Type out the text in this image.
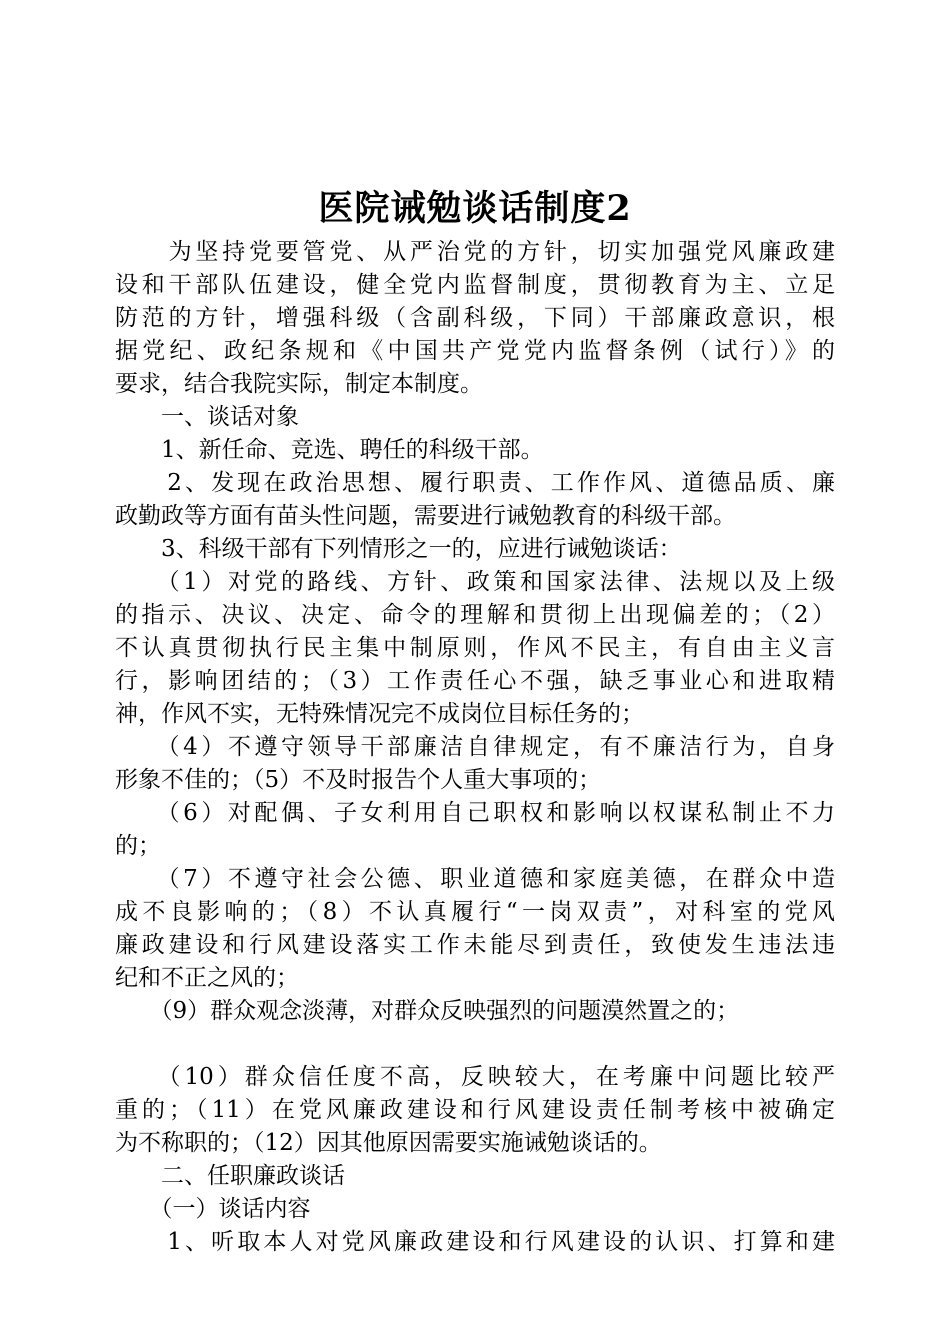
医院诫勉谈话制度2
　　为坚持党要管党、从严治党的方针，切实加强党风廉政建
设和干部队伍建设，健全党内监督制度，贯彻教育为主、立足
防范的方针，增强科级（含副科级，下同）干部廉政意识，根
据党纪、政纪条规和《中国共产党党内监督条例（试行）》的
要求，结合我院实际，制定本制度。
　　一、谈话对象
　　1、新任命、竞选、聘任的科级干部。
　　2、发现在政治思想、履行职责、工作作风、道德品质、廉
政勤政等方面有苗头性问题，需要进行诫勉教育的科级干部。
　　3、科级干部有下列情形之一的，应进行诫勉谈话：
　　（1）对党的路线、方针、政策和国家法律、法规以及上级
的指示、决议、决定、命令的理解和贯彻上出现偏差的；（2）
不认真贯彻执行民主集中制原则，作风不民主，有自由主义言
行，影响团结的；（3）工作责任心不强，缺乏事业心和进取精
神，作风不实，无特殊情况完不成岗位目标任务的；
　　（4）不遵守领导干部廉洁自律规定，有不廉洁行为，自身
形象不佳的；（5）不及时报告个人重大事项的；
　　（6）对配偶、子女利用自己职权和影响以权谋私制止不力
的；
　　（7）不遵守社会公德、职业道德和家庭美德，在群众中造
成不良影响的；（8）不认真履行“一岗双责”，对科室的党风
廉政建设和行风建设落实工作未能尽到责任，致使发生违法违
纪和不正之风的；
　　（9）群众观念淡薄，对群众反映强烈的问题漠然置之的；
　　（10）群众信任度不高，反映较大，在考廉中问题比较严
重的；（11）在党风廉政建设和行风建设责任制考核中被确定
为不称职的；（12）因其他原因需要实施诫勉谈话的。
　　二、任职廉政谈话
　　（一）谈话内容
　　1、听取本人对党风廉政建设和行风建设的认识、打算和建
